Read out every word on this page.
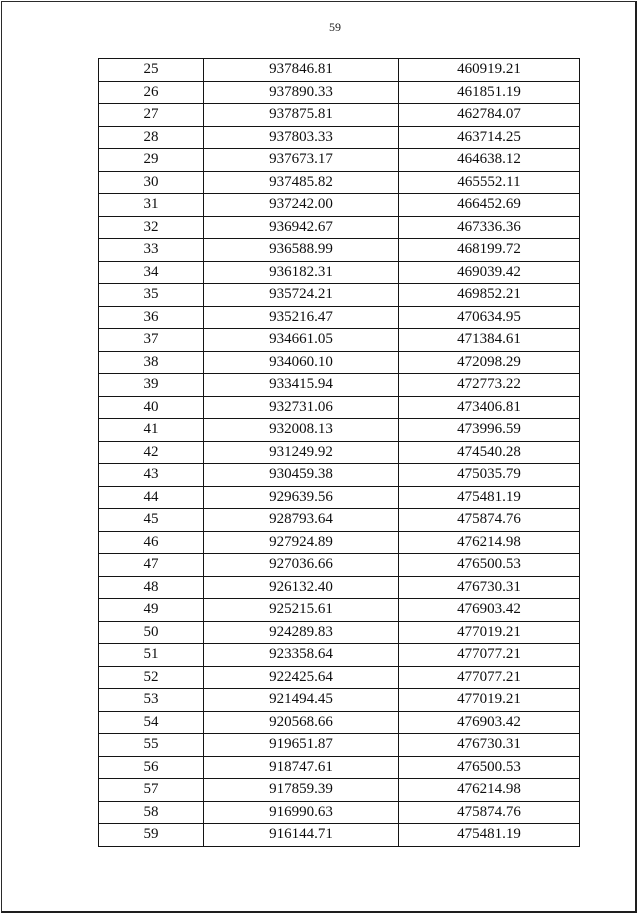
59
25	937846.81	460919.21
26	937890.33	461851.19
27	937875.81	462784.07
28	937803.33	463714.25
29	937673.17	464638.12
30	937485.82	465552.11
31	937242.00	466452.69
32	936942.67	467336.36
33	936588.99	468199.72
34	936182.31	469039.42
35	935724.21	469852.21
36	935216.47	470634.95
37	934661.05	471384.61
38	934060.10	472098.29
39	933415.94	472773.22
40	932731.06	473406.81
41	932008.13	473996.59
42	931249.92	474540.28
43	930459.38	475035.79
44	929639.56	475481.19
45	928793.64	475874.76
46	927924.89	476214.98
47	927036.66	476500.53
48	926132.40	476730.31
49	925215.61	476903.42
50	924289.83	477019.21
51	923358.64	477077.21
52	922425.64	477077.21
53	921494.45	477019.21
54	920568.66	476903.42
55	919651.87	476730.31
56	918747.61	476500.53
57	917859.39	476214.98
58	916990.63	475874.76
59	916144.71	475481.19
